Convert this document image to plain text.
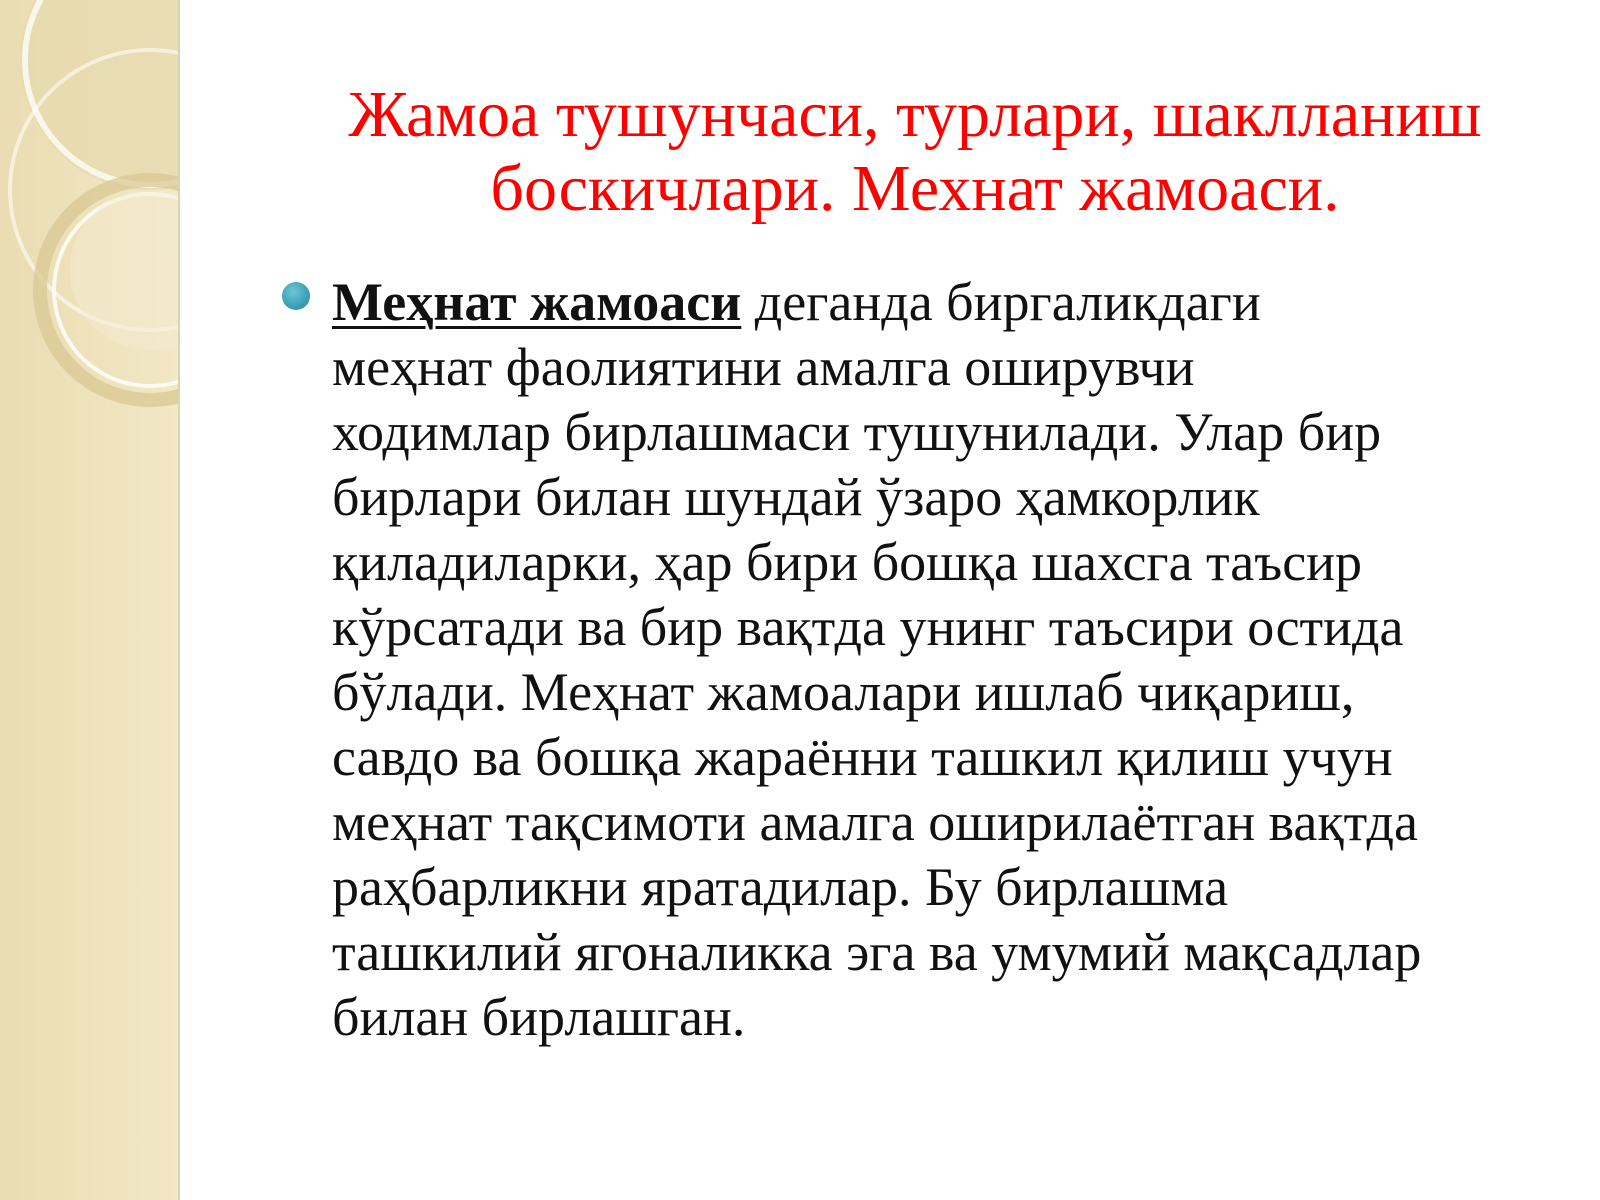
Жамоа тушунчаси, турлари, шаклланиш
боскичлари. Мехнат жамоаси.

Меҳнат жамоаси деганда биргаликдаги
меҳнат фаолиятини амалга оширувчи
ходимлар бирлашмаси тушунилади. Улар бир
бирлари билан шундай ўзаро ҳамкорлик
қиладиларки, ҳар бири бошқа шахсга таъсир
кўрсатади ва бир вақтда унинг таъсири остида
бўлади. Меҳнат жамоалари ишлаб чиқариш,
савдо ва бошқа жараённи ташкил қилиш учун
меҳнат тақсимоти амалга оширилаётган вақтда
раҳбарликни яратадилар. Бу бирлашма
ташкилий ягоналикка эга ва умумий мақсадлар
билан бирлашган.
